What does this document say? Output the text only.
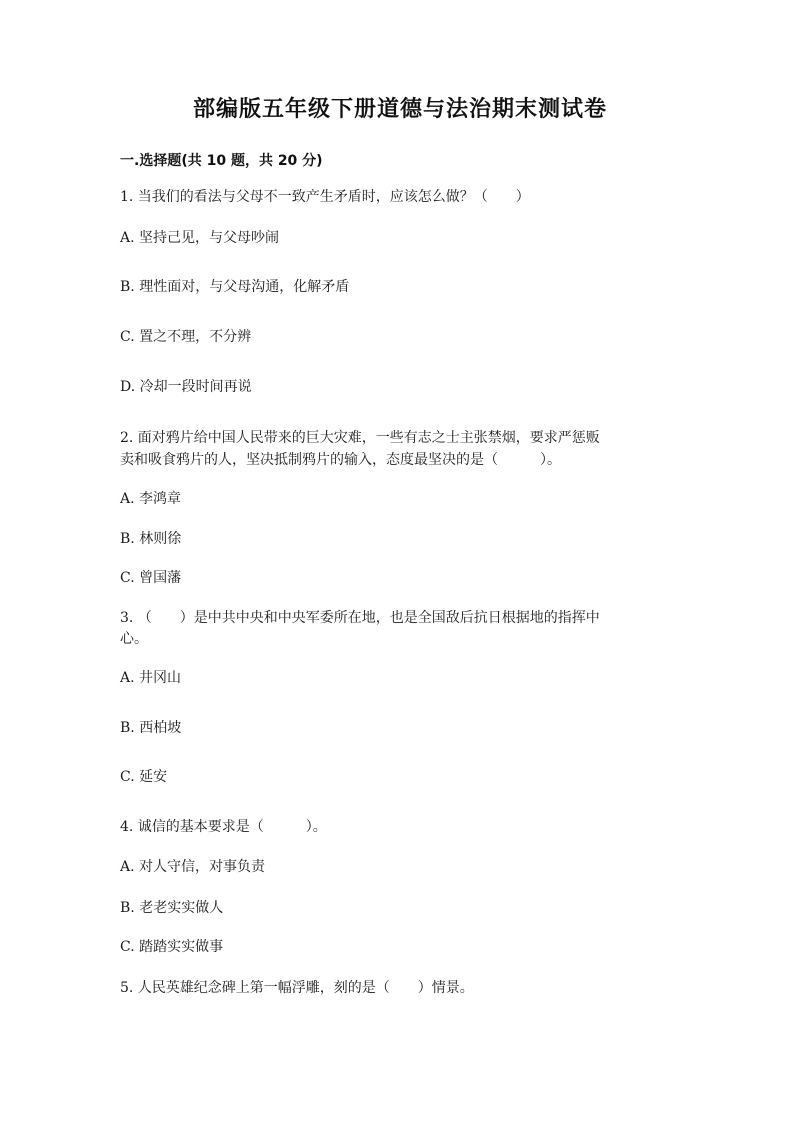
部编版五年级下册道德与法治期末测试卷
一.选择题(共 10 题，共 20 分)
1. 当我们的看法与父母不一致产生矛盾时，应该怎么做？（　　）
A. 坚持己见，与父母吵闹
B. 理性面对，与父母沟通，化解矛盾
C. 置之不理，不分辨
D. 冷却一段时间再说
2. 面对鸦片给中国人民带来的巨大灾难，一些有志之士主张禁烟，要求严惩贩
卖和吸食鸦片的人，坚决抵制鸦片的输入，态度最坚决的是（　　　）。
A. 李鸿章
B. 林则徐
C. 曾国藩
3. （　　）是中共中央和中央军委所在地，也是全国敌后抗日根据地的指挥中
心。
A. 井冈山
B. 西柏坡
C. 延安
4. 诚信的基本要求是（　　　）。
A. 对人守信，对事负责
B. 老老实实做人
C. 踏踏实实做事
5. 人民英雄纪念碑上第一幅浮雕，刻的是（　　）情景。
